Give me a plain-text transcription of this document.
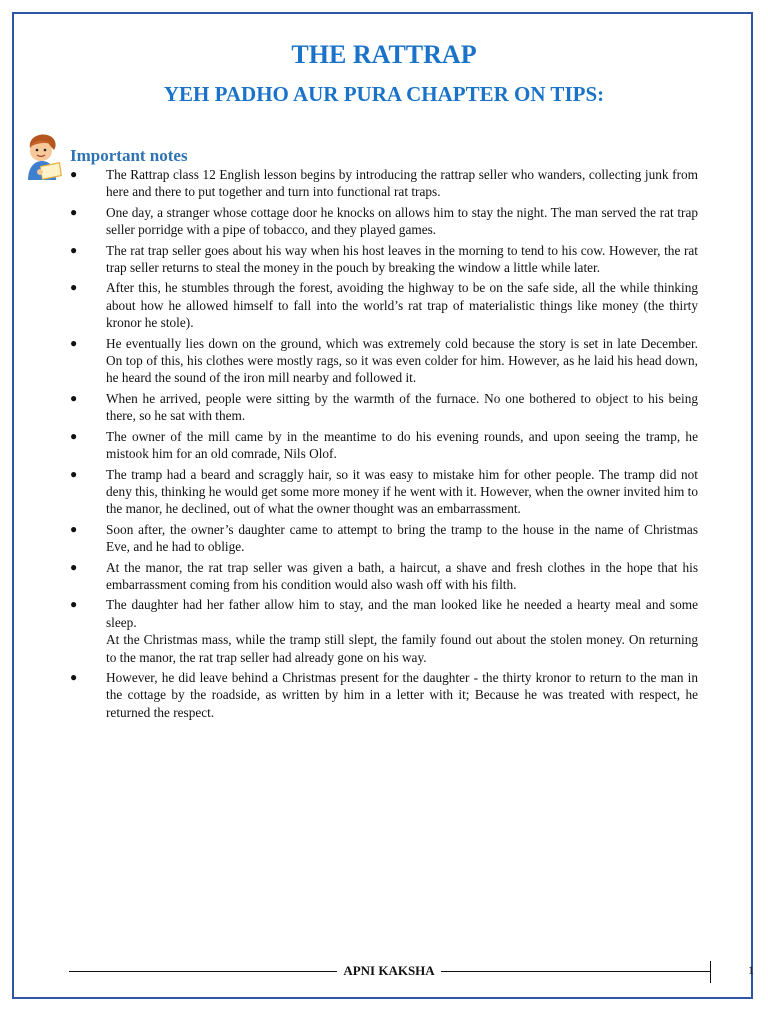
THE RATTRAP
YEH PADHO AUR PURA CHAPTER ON TIPS:
Important notes
● The Rattrap class 12 English lesson begins by introducing the rattrap seller who wanders, collecting junk from here and there to put together and turn into functional rat traps.
● One day, a stranger whose cottage door he knocks on allows him to stay the night. The man served the rat trap seller porridge with a pipe of tobacco, and they played games.
● The rat trap seller goes about his way when his host leaves in the morning to tend to his cow. However, the rat trap seller returns to steal the money in the pouch by breaking the window a little while later.
● After this, he stumbles through the forest, avoiding the highway to be on the safe side, all the while thinking about how he allowed himself to fall into the world’s rat trap of materialistic things like money (the thirty kronor he stole).
● He eventually lies down on the ground, which was extremely cold because the story is set in late December. On top of this, his clothes were mostly rags, so it was even colder for him. However, as he laid his head down, he heard the sound of the iron mill nearby and followed it.
● When he arrived, people were sitting by the warmth of the furnace. No one bothered to object to his being there, so he sat with them.
● The owner of the mill came by in the meantime to do his evening rounds, and upon seeing the tramp, he mistook him for an old comrade, Nils Olof.
● The tramp had a beard and scraggly hair, so it was easy to mistake him for other people. The tramp did not deny this, thinking he would get some more money if he went with it. However, when the owner invited him to the manor, he declined, out of what the owner thought was an embarrassment.
● Soon after, the owner’s daughter came to attempt to bring the tramp to the house in the name of Christmas Eve, and he had to oblige.
● At the manor, the rat trap seller was given a bath, a haircut, a shave and fresh clothes in the hope that his embarrassment coming from his condition would also wash off with his filth.
● The daughter had her father allow him to stay, and the man looked like he needed a hearty meal and some sleep.
At the Christmas mass, while the tramp still slept, the family found out about the stolen money. On returning to the manor, the rat trap seller had already gone on his way.
● However, he did leave behind a Christmas present for the daughter - the thirty kronor to return to the man in the cottage by the roadside, as written by him in a letter with it; Because he was treated with respect, he returned the respect.
APNI KAKSHA	1
